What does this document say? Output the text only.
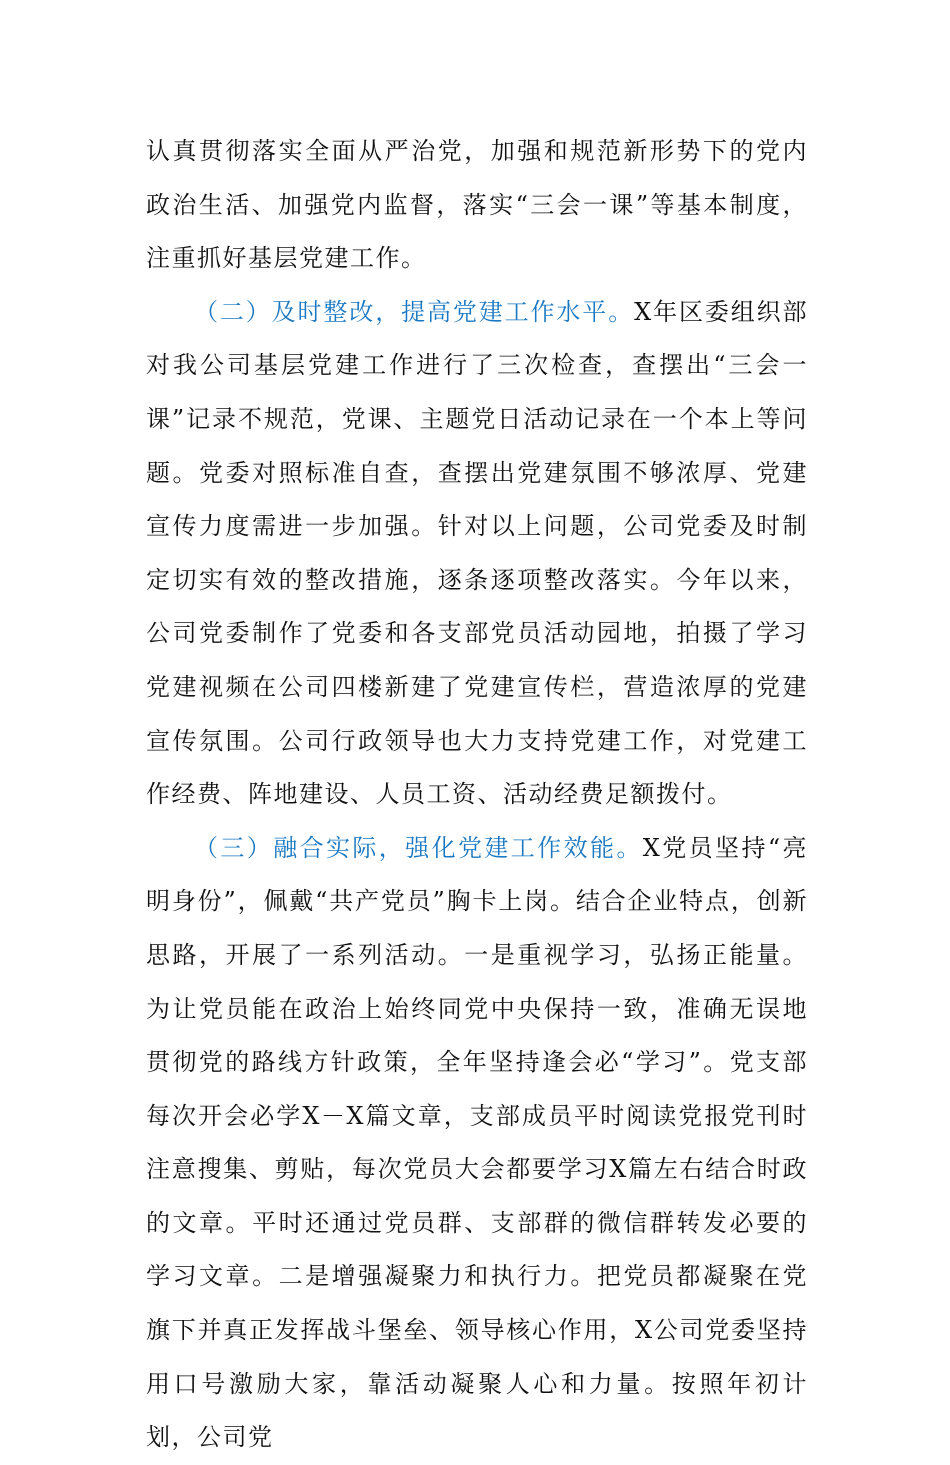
认真贯彻落实全面从严治党，加强和规范新形势下的党内政治生活、加强党内监督，落实“三会一课”等基本制度，注重抓好基层党建工作。

（二）及时整改，提高党建工作水平。X年区委组织部对我公司基层党建工作进行了三次检查，查摆出“三会一课”记录不规范，党课、主题党日活动记录在一个本上等问题。党委对照标准自查，查摆出党建氛围不够浓厚、党建宣传力度需进一步加强。针对以上问题，公司党委及时制定切实有效的整改措施，逐条逐项整改落实。今年以来，公司党委制作了党委和各支部党员活动园地，拍摄了学习党建视频在公司四楼新建了党建宣传栏，营造浓厚的党建宣传氛围。公司行政领导也大力支持党建工作，对党建工作经费、阵地建设、人员工资、活动经费足额拨付。

（三）融合实际，强化党建工作效能。X党员坚持“亮明身份”，佩戴“共产党员”胸卡上岗。结合企业特点，创新思路，开展了一系列活动。一是重视学习，弘扬正能量。为让党员能在政治上始终同党中央保持一致，准确无误地贯彻党的路线方针政策，全年坚持逢会必“学习”。党支部每次开会必学X－X篇文章，支部成员平时阅读党报党刊时注意搜集、剪贴，每次党员大会都要学习X篇左右结合时政的文章。平时还通过党员群、支部群的微信群转发必要的学习文章。二是增强凝聚力和执行力。把党员都凝聚在党旗下并真正发挥战斗堡垒、领导核心作用，X公司党委坚持用口号激励大家，靠活动凝聚人心和力量。按照年初计划，公司党
